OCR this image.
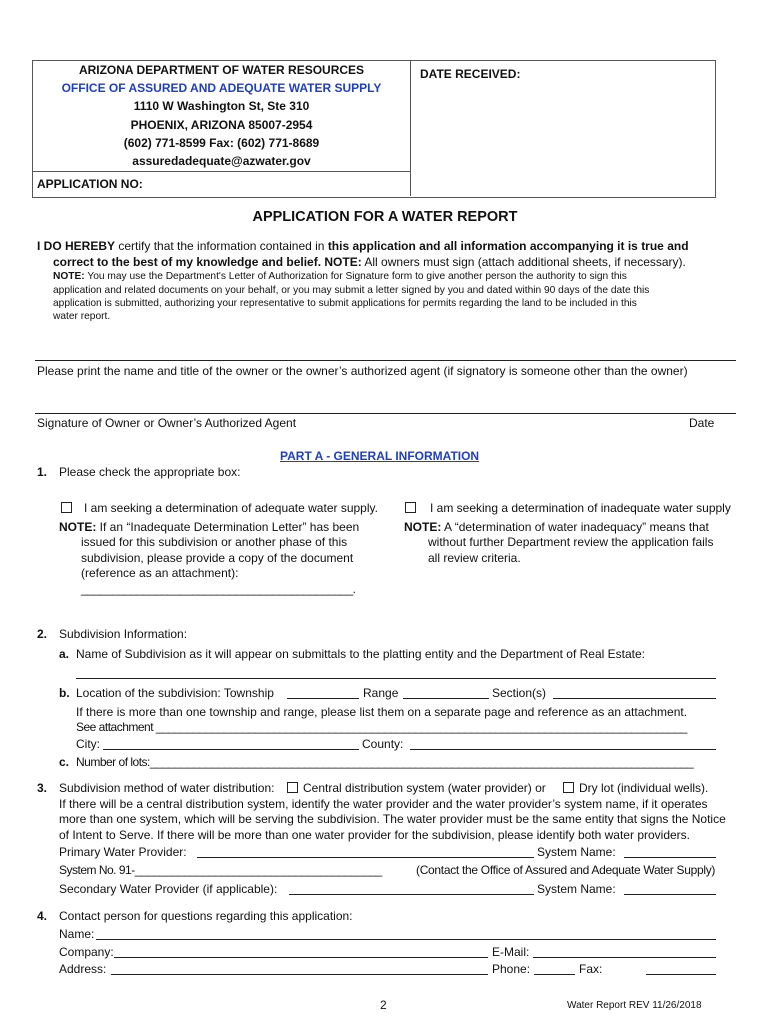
ARIZONA DEPARTMENT OF WATER RESOURCES
OFFICE OF ASSURED AND ADEQUATE WATER SUPPLY
1110 W Washington St, Ste 310
PHOENIX, ARIZONA 85007-2954
(602) 771-8599 Fax: (602) 771-8689
assuredadequate@azwater.gov
APPLICATION NO:
DATE RECEIVED:
APPLICATION FOR A WATER REPORT
I DO HEREBY certify that the information contained in this application and all information accompanying it is true and
correct to the best of my knowledge and belief. NOTE: All owners must sign (attach additional sheets, if necessary).
NOTE: You may use the Department's Letter of Authorization for Signature form to give another person the authority to sign this
application and related documents on your behalf, or you may submit a letter signed by you and dated within 90 days of the date this
application is submitted, authorizing your representative to submit applications for permits regarding the land to be included in this
water report.
Please print the name and title of the owner or the owner’s authorized agent (if signatory is someone other than the owner)
Signature of Owner or Owner’s Authorized Agent	Date
PART A - GENERAL INFORMATION
1. Please check the appropriate box:
I am seeking a determination of adequate water supply.	I am seeking a determination of inadequate water supply
NOTE: If an “Inadequate Determination Letter” has been
issued for this subdivision or another phase of this
subdivision, please provide a copy of the document
(reference as an attachment):
____________________________________________.
NOTE: A “determination of water inadequacy” means that
without further Department review the application fails
all review criteria.
2. Subdivision Information:
a. Name of Subdivision as it will appear on submittals to the platting entity and the Department of Real Estate:
b. Location of the subdivision: Township	Range	Section(s)
If there is more than one township and range, please list them on a separate page and reference as an attachment.
See attachment ______________________________________________________________________________________
City:	County:
c. Number of lots:________________________________________________________________________________________
3. Subdivision method of water distribution: Central distribution system (water provider) or	Dry lot (individual wells).
If there will be a central distribution system, identify the water provider and the water provider’s system name, if it operates
more than one system, which will be serving the subdivision. The water provider must be the same entity that signs the Notice
of Intent to Serve. If there will be more than one water provider for the subdivision, please identify both water providers.
Primary Water Provider:	System Name:
System No. 91-________________________________________	(Contact the Office of Assured and Adequate Water Supply)
Secondary Water Provider (if applicable):	System Name:
4. Contact person for questions regarding this application:
Name:
Company:	E-Mail:
Address:	Phone:	Fax:
2	Water Report REV 11/26/2018
